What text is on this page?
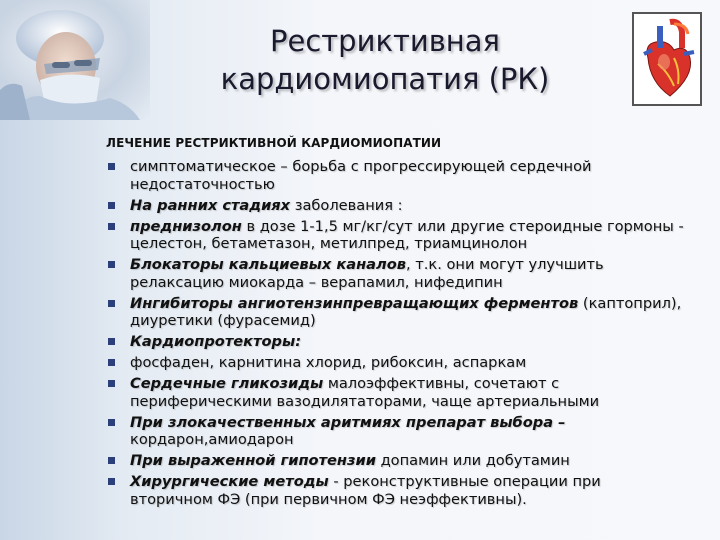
Рестриктивная
кардиомиопатия (РК)
ЛЕЧЕНИЕ РЕСТРИКТИВНОЙ КАРДИОМИОПАТИИ
симптоматическое – борьба с прогрессирующей сердечной недостаточностью
На ранних стадиях заболевания :
преднизолон в дозе 1-1,5 мг/кг/сут или другие стероидные гормоны - целестон, бетаметазон, метилпред, триамцинолон
Блокаторы кальциевых каналов, т.к. они могут улучшить релаксацию миокарда – верапамил, нифедипин
Ингибиторы ангиотензинпревращающих ферментов (каптоприл), диуретики (фурасемид)
Кардиопротекторы:
фосфаден, карнитина хлорид, рибоксин, аспаркам
Сердечные гликозиды малоэффективны, сочетают с периферическими вазодилятаторами, чаще артериальными
При злокачественных аритмиях препарат выбора – кордарон,амиодарон
При выраженной гипотензии допамин или добутамин
Хирургические методы - реконструктивные операции при вторичном ФЭ (при первичном ФЭ неэффективны).
